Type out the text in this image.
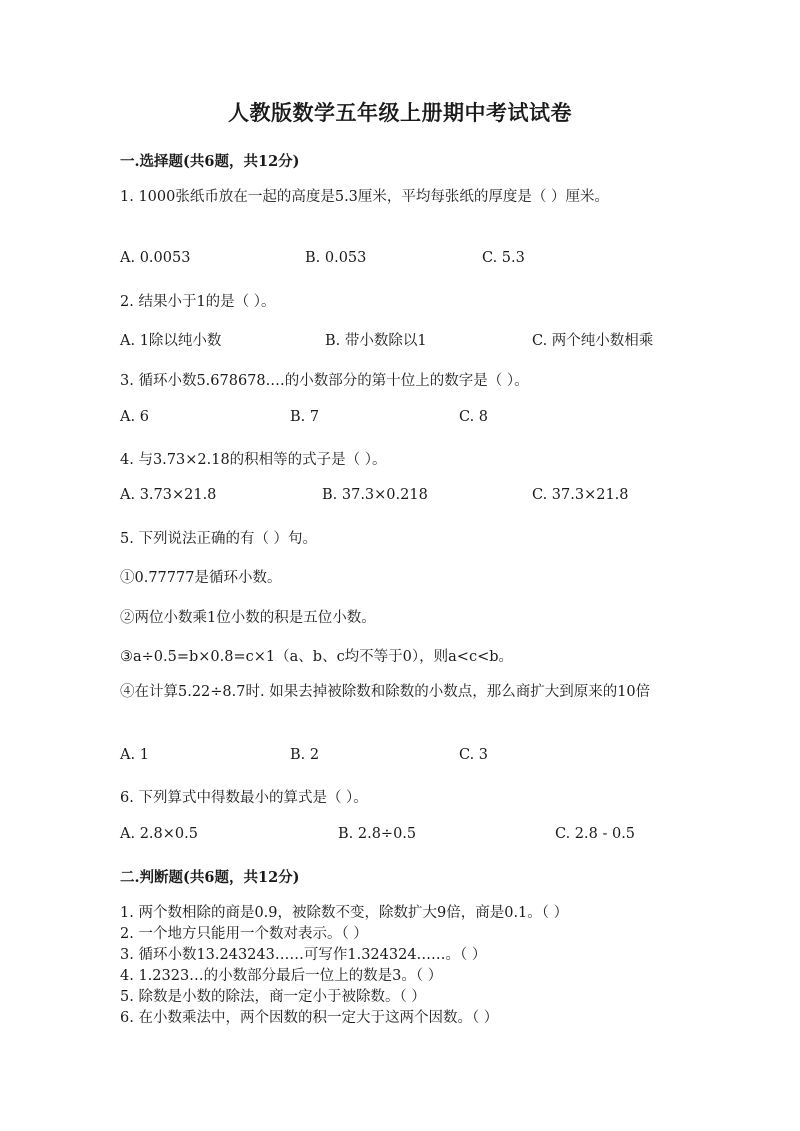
人教版数学五年级上册期中考试试卷
一.选择题(共6题，共12分)
1. 1000张纸币放在一起的高度是5.3厘米，平均每张纸的厚度是（ ）厘米。
A. 0.0053	B. 0.053	C. 5.3
2. 结果小于1的是（ ）。
A. 1除以纯小数	B. 带小数除以1	C. 两个纯小数相乘
3. 循环小数5.678678.…的小数部分的第十位上的数字是（ ）。
A. 6	B. 7	C. 8
4. 与3.73×2.18的积相等的式子是（ ）。
A. 3.73×21.8	B. 37.3×0.218	C. 37.3×21.8
5. 下列说法正确的有（ ）句。
①0.77777是循环小数。
②两位小数乘1位小数的积是五位小数。
③a÷0.5=b×0.8=c×1（a、b、c均不等于0），则a<c<b。
④在计算5.22÷8.7时. 如果去掉被除数和除数的小数点，那么商扩大到原来的10倍
A. 1	B. 2	C. 3
6. 下列算式中得数最小的算式是（ ）。
A. 2.8×0.5	B. 2.8÷0.5	C. 2.8 - 0.5
二.判断题(共6题，共12分)
1. 两个数相除的商是0.9，被除数不变，除数扩大9倍，商是0.1。（ ）
2. 一个地方只能用一个数对表示。（ ）
3. 循环小数13.243243……可写作1.324324……。（ ）
4. 1.2323…的小数部分最后一位上的数是3。（ ）
5. 除数是小数的除法，商一定小于被除数。（ ）
6. 在小数乘法中，两个因数的积一定大于这两个因数。（ ）
